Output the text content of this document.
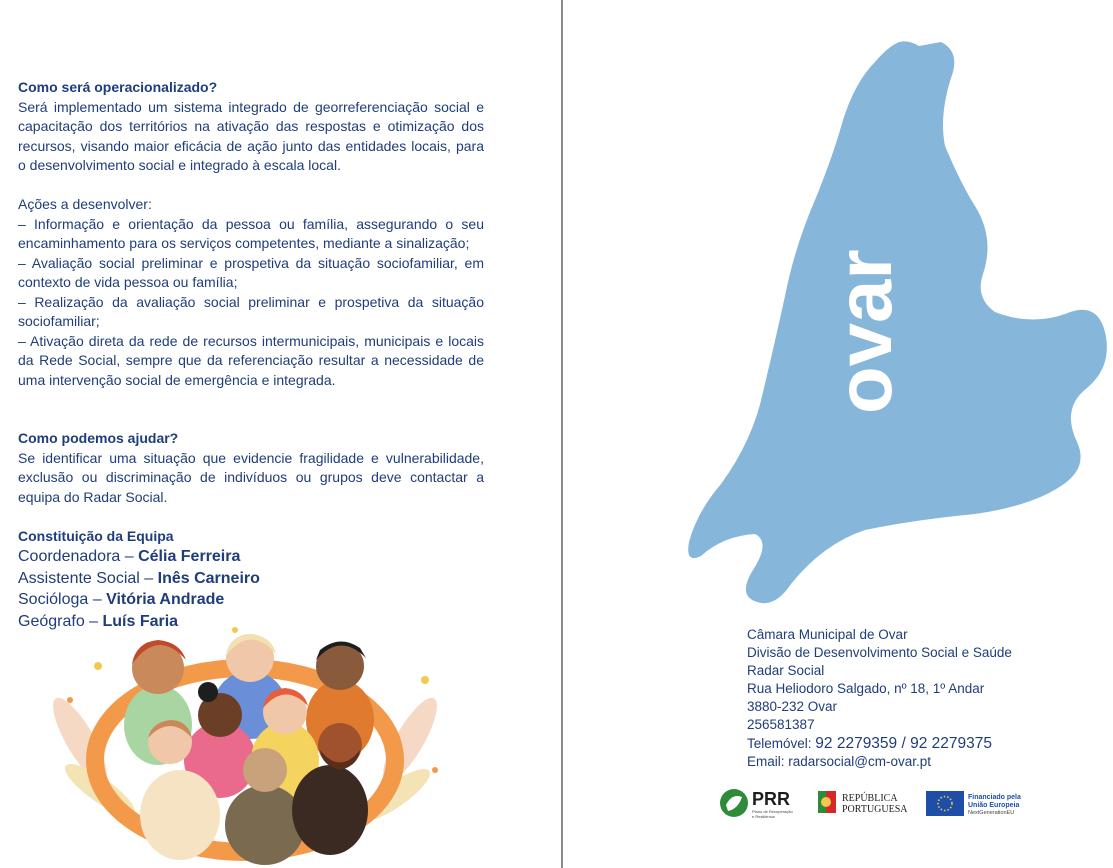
Como será operacionalizado?
Será implementado um sistema integrado de georreferenciação social e capacitação dos territórios na ativação das respostas e otimização dos recursos, visando maior eficácia de ação junto das entidades locais, para o desenvolvimento social e integrado à escala local.
Ações a desenvolver:
– Informação e orientação da pessoa ou família, assegurando o seu encaminhamento para os serviços competentes, mediante a sinalização;
– Avaliação social preliminar e prospetiva da situação sociofamiliar, em contexto de vida pessoa ou família;
– Realização da avaliação social preliminar e prospetiva da situação sociofamiliar;
– Ativação direta da rede de recursos intermunicipais, municipais e locais da Rede Social, sempre que da referenciação resultar a necessidade de uma intervenção social de emergência e integrada.
Como podemos ajudar?
Se identificar uma situação que evidencie fragilidade e vulnerabilidade, exclusão ou discriminação de indivíduos ou grupos deve contactar a equipa do Radar Social.
Constituição da Equipa
Coordenadora – Célia Ferreira
Assistente Social – Inês Carneiro
Socióloga – Vitória Andrade
Geógrafo – Luís Faria
ovar
Câmara Municipal de Ovar
Divisão de Desenvolvimento Social e Saúde
Radar Social
Rua Heliodoro Salgado, nº 18, 1º Andar
3880-232 Ovar
256581387
Telemóvel: 92 2279359 / 92 2279375
Email: radarsocial@cm-ovar.pt
PRR
Plano de Recuperação
e Resiliência
REPÚBLICA
PORTUGUESA
Financiado pela
União Europeia
NextGenerationEU
